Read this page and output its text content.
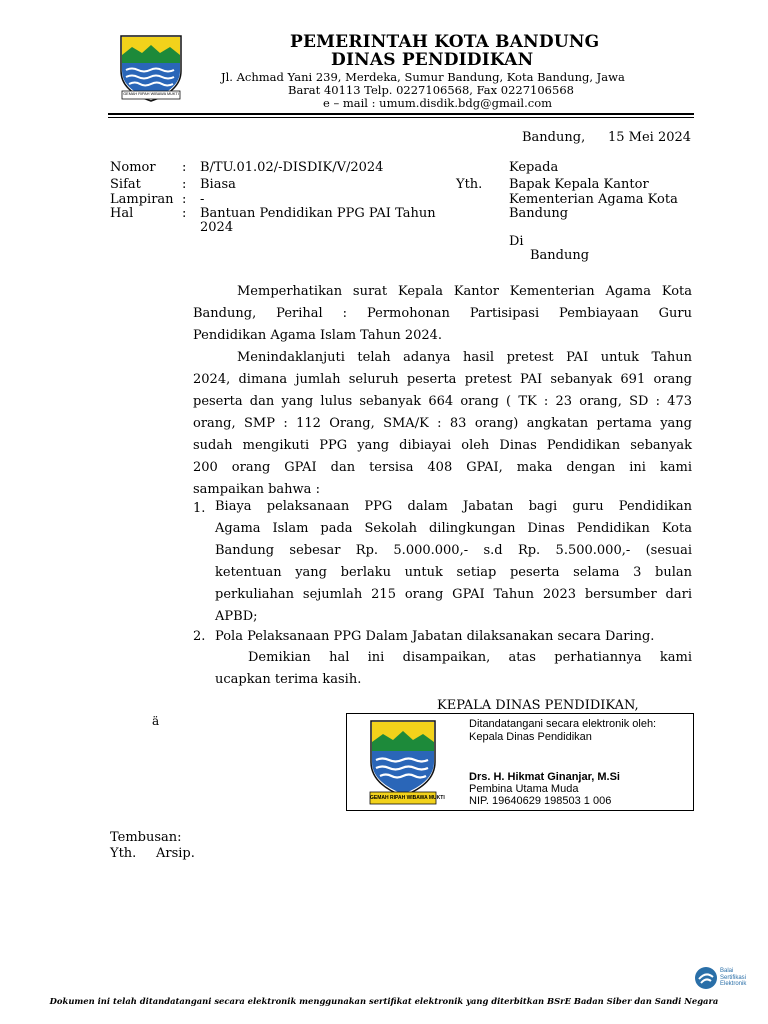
GEMAH RIPAH WIBAWA MUKTI
PEMERINTAH KOTA BANDUNG
DINAS PENDIDIKAN
Jl. Achmad Yani 239, Merdeka, Sumur Bandung, Kota Bandung, Jawa
Barat 40113 Telp. 0227106568, Fax 0227106568
e – mail : umum.disdik.bdg@gmail.com
Bandung, 15 Mei 2024
Nomor : B/TU.01.02/-DISDIK/V/2024
Sifat	: Biasa
Lampiran : -
Hal	: Bantuan Pendidikan PPG PAI Tahun
2024
Kepada
Yth. Bapak Kepala Kantor
Kementerian Agama Kota
Bandung
Di
Bandung
Memperhatikan surat Kepala Kantor Kementerian Agama Kota
Bandung, Perihal : Permohonan Partisipasi Pembiayaan Guru
Pendidikan Agama Islam Tahun 2024.
Menindaklanjuti telah adanya hasil pretest PAI untuk Tahun
2024, dimana jumlah seluruh peserta pretest PAI sebanyak 691 orang
peserta dan yang lulus sebanyak 664 orang ( TK : 23 orang, SD : 473
orang, SMP : 112 Orang, SMA/K : 83 orang) angkatan pertama yang
sudah mengikuti PPG yang dibiayai oleh Dinas Pendidikan sebanyak
200 orang GPAI dan tersisa 408 GPAI, maka dengan ini kami
sampaikan bahwa :
1. Biaya pelaksanaan PPG dalam Jabatan bagi guru Pendidikan
Agama Islam pada Sekolah dilingkungan Dinas Pendidikan Kota
Bandung sebesar Rp. 5.000.000,- s.d Rp. 5.500.000,- (sesuai
ketentuan yang berlaku untuk setiap peserta selama 3 bulan
perkuliahan sejumlah 215 orang GPAI Tahun 2023 bersumber dari
APBD;
2. Pola Pelaksanaan PPG Dalam Jabatan dilaksanakan secara Daring.
Demikian hal ini disampaikan, atas perhatiannya kami
ucapkan terima kasih.
KEPALA DINAS PENDIDIKAN,
ä
GEMAH RIPAH WIBAWA MUKTI
Ditandatangani secara elektronik oleh:
Kepala Dinas Pendidikan
Drs. H. Hikmat Ginanjar, M.Si
Pembina Utama Muda
NIP. 19640629 198503 1 006
Tembusan:
Yth. Arsip.
Balai
Sertifikasi
Elektronik
Dokumen ini telah ditandatangani secara elektronik menggunakan sertifikat elektronik yang diterbitkan BSrE Badan Siber dan Sandi Negara
